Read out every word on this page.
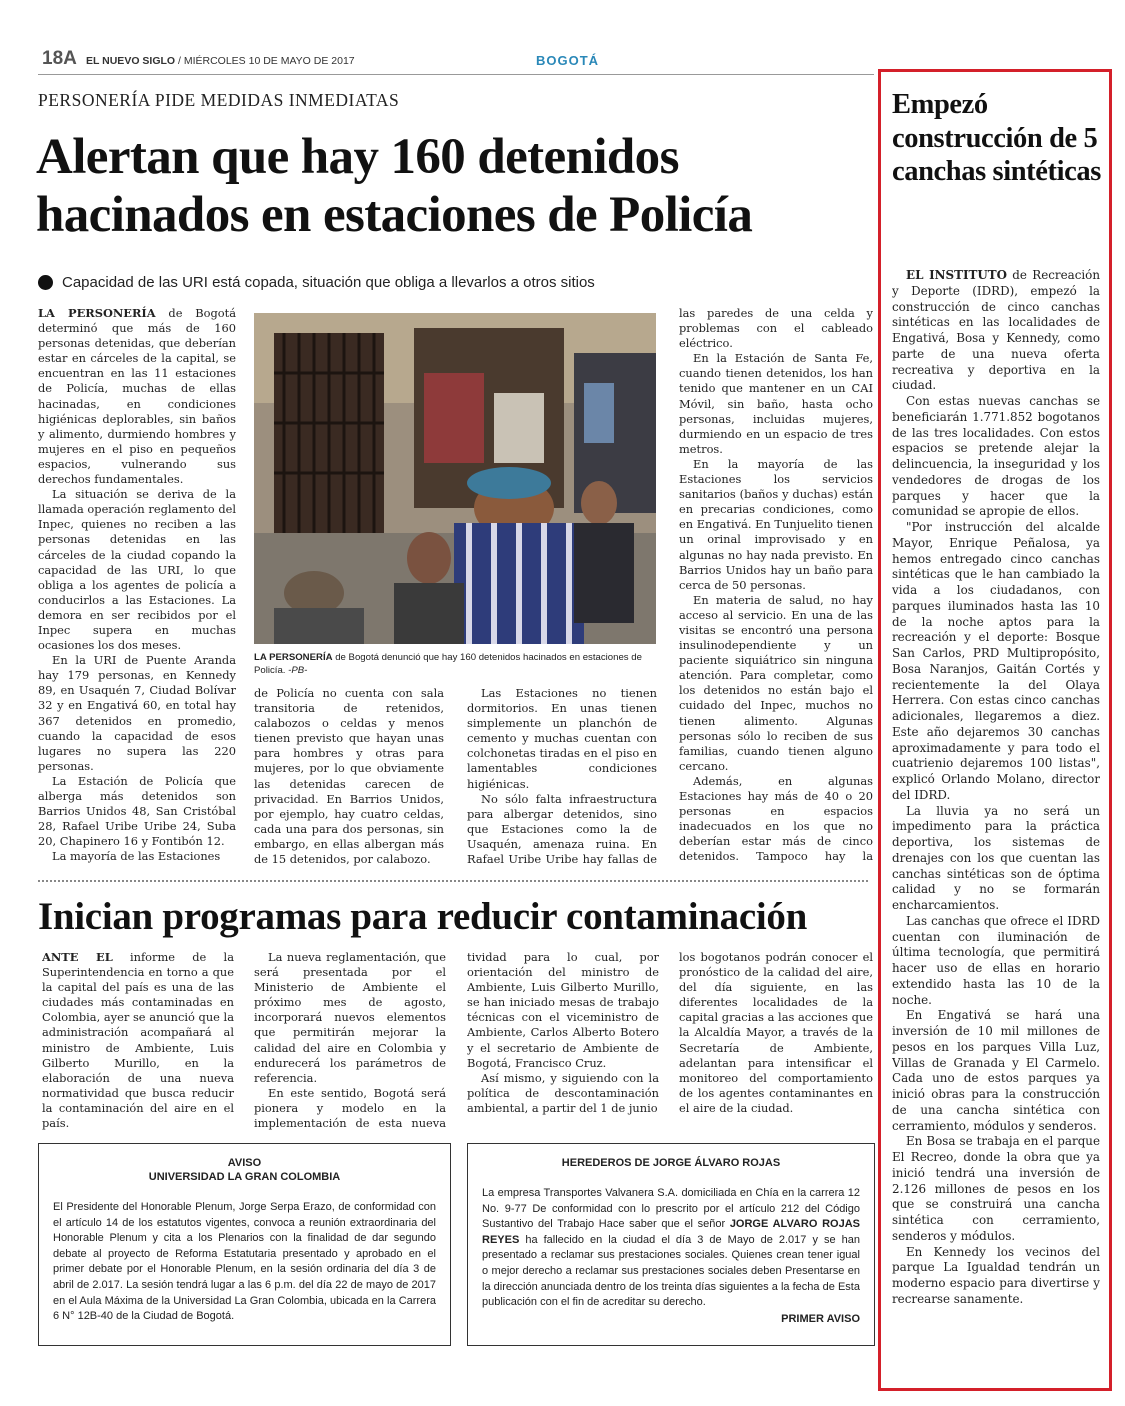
18A EL NUEVO SIGLO / MIÉRCOLES 10 DE MAYO DE 2017	BOGOTÁ
PERSONERÍA PIDE MEDIDAS INMEDIATAS
Alertan que hay 160 detenidos hacinados en estaciones de Policía
Capacidad de las URI está copada, situación que obliga a llevarlos a otros sitios

LA PERSONERÍA de Bogotá determinó que más de 160 personas detenidas, que deberían estar en cárceles de la capital, se encuentran en las 11 estaciones de Policía, muchas de ellas hacinadas, en condiciones higiénicas deplorables, sin baños y alimento, durmiendo hombres y mujeres en el piso en pequeños espacios, vulnerando sus derechos fundamentales.

La situación se deriva de la llamada operación reglamento del Inpec, quienes no reciben a las personas detenidas en las cárceles de la ciudad copando la capacidad de las URI, lo que obliga a los agentes de policía a conducirlos a las Estaciones. La demora en ser recibidos por el Inpec supera en muchas ocasiones los dos meses.

En la URI de Puente Aranda hay 179 personas, en Kennedy 89, en Usaquén 7, Ciudad Bolívar 32 y en Engativá 60, en total hay 367 detenidos en promedio, cuando la capacidad de esos lugares no supera las 220 personas.

La Estación de Policía que alberga más detenidos son Barrios Unidos 48, San Cristóbal 28, Rafael Uribe Uribe 24, Suba 20, Chapinero 16 y Fontibón 12.

La mayoría de las Estaciones

LA PERSONERÍA de Bogotá denunció que hay 160 detenidos hacinados en estaciones de Policía. -PB-

de Policía no cuenta con sala transitoria de retenidos, calabozos o celdas y menos tienen previsto que hayan unas para hombres y otras para mujeres, por lo que obviamente las detenidas carecen de privacidad. En Barrios Unidos, por ejemplo, hay cuatro celdas, cada una para dos personas, sin embargo, en ellas albergan más de 15 detenidos, por calabozo.

Las Estaciones no tienen dormitorios. En unas tienen simplemente un planchón de cemento y muchas cuentan con colchonetas tiradas en el piso en lamentables condiciones higiénicas.

No sólo falta infraestructura para albergar detenidos, sino que Estaciones como la de Usaquén, amenaza ruina. En Rafael Uribe Uribe hay fallas de

las paredes de una celda y problemas con el cableado eléctrico.

En la Estación de Santa Fe, cuando tienen detenidos, los han tenido que mantener en un CAI Móvil, sin baño, hasta ocho personas, incluidas mujeres, durmiendo en un espacio de tres metros.

En la mayoría de las Estaciones los servicios sanitarios (baños y duchas) están en precarias condiciones, como en Engativá. En Tunjuelito tienen un orinal improvisado y en algunas no hay nada previsto. En Barrios Unidos hay un baño para cerca de 50 personas.

En materia de salud, no hay acceso al servicio. En una de las visitas se encontró una persona insulinodependiente y un paciente siquiátrico sin ninguna atención. Para completar, como los detenidos no están bajo el cuidado del Inpec, muchos no tienen alimento. Algunas personas sólo lo reciben de sus familias, cuando tienen alguno cercano.

Además, en algunas Estaciones hay más de 40 o 20 personas en espacios inadecuados en los que no deberían estar más de cinco detenidos. Tampoco hay la

Inician programas para reducir contaminación

ANTE EL informe de la Superintendencia en torno a que la capital del país es una de las ciudades más contaminadas en Colombia, ayer se anunció que la administración acompañará al ministro de Ambiente, Luis Gilberto Murillo, en la elaboración de una nueva normatividad que busca reducir la contaminación del aire en el país.

La nueva reglamentación, que será presentada por el Ministerio de Ambiente el próximo mes de agosto, incorporará nuevos elementos que permitirán mejorar la calidad del aire en Colombia y endurecerá los parámetros de referencia.

En este sentido, Bogotá será pionera y modelo en la implementación de esta nueva

tividad para lo cual, por orientación del ministro de Ambiente, Luis Gilberto Murillo, se han iniciado mesas de trabajo técnicas con el viceministro de Ambiente, Carlos Alberto Botero y el secretario de Ambiente de Bogotá, Francisco Cruz.

Así mismo, y siguiendo con la política de descontaminación ambiental, a partir del 1 de junio

los bogotanos podrán conocer el pronóstico de la calidad del aire, del día siguiente, en las diferentes localidades de la capital gracias a las acciones que la Alcaldía Mayor, a través de la Secretaría de Ambiente, adelantan para intensificar el monitoreo del comportamiento de los agentes contaminantes en el aire de la ciudad.

AVISO
UNIVERSIDAD LA GRAN COLOMBIA
El Presidente del Honorable Plenum, Jorge Serpa Erazo, de conformidad con el artículo 14 de los estatutos vigentes, convoca a reunión extraordinaria del Honorable Plenum y cita a los Plenarios con la finalidad de dar segundo debate al proyecto de Reforma Estatutaria presentado y aprobado en el primer debate por el Honorable Plenum, en la sesión ordinaria del día 3 de abril de 2.017. La sesión tendrá lugar a las 6 p.m. del día 22 de mayo de 2017 en el Aula Máxima de la Universidad La Gran Colombia, ubicada en la Carrera 6 N° 12B-40 de la Ciudad de Bogotá.
HEREDEROS DE JORGE ÁLVARO ROJAS
La empresa Transportes Valvanera S.A. domiciliada en Chía en la carrera 12 No. 9-77 De conformidad con lo prescrito por el artículo 212 del Código Sustantivo del Trabajo Hace saber que el señor JORGE ALVARO ROJAS REYES ha fallecido en la ciudad el día 3 de Mayo de 2.017 y se han presentado a reclamar sus prestaciones sociales. Quienes crean tener igual o mejor derecho a reclamar sus prestaciones sociales deben Presentarse en la dirección anunciada dentro de los treinta días siguientes a la fecha de Esta publicación con el fin de acreditar su derecho.
PRIMER AVISO
Empezó construcción de 5 canchas sintéticas

EL INSTITUTO de Recreación y Deporte (IDRD), empezó la construcción de cinco canchas sintéticas en las localidades de Engativá, Bosa y Kennedy, como parte de una nueva oferta recreativa y deportiva en la ciudad.

Con estas nuevas canchas se beneficiarán 1.771.852 bogotanos de las tres localidades. Con estos espacios se pretende alejar la delincuencia, la inseguridad y los vendedores de drogas de los parques y hacer que la comunidad se apropie de ellos.

"Por instrucción del alcalde Mayor, Enrique Peñalosa, ya hemos entregado cinco canchas sintéticas que le han cambiado la vida a los ciudadanos, con parques iluminados hasta las 10 de la noche aptos para la recreación y el deporte: Bosque San Carlos, PRD Multipropósito, Bosa Naranjos, Gaitán Cortés y recientemente la del Olaya Herrera. Con estas cinco canchas adicionales, llegaremos a diez. Este año dejaremos 30 canchas aproximadamente y para todo el cuatrienio dejaremos 100 listas", explicó Orlando Molano, director del IDRD.

La lluvia ya no será un impedimento para la práctica deportiva, los sistemas de drenajes con los que cuentan las canchas sintéticas son de óptima calidad y no se formarán encharcamientos.

Las canchas que ofrece el IDRD cuentan con iluminación de última tecnología, que permitirá hacer uso de ellas en horario extendido hasta las 10 de la noche.

En Engativá se hará una inversión de 10 mil millones de pesos en los parques Villa Luz, Villas de Granada y El Carmelo. Cada uno de estos parques ya inició obras para la construcción de una cancha sintética con cerramiento, módulos y senderos.

En Bosa se trabaja en el parque El Recreo, donde la obra que ya inició tendrá una inversión de 2.126 millones de pesos en los que se construirá una cancha sintética con cerramiento, senderos y módulos.

En Kennedy los vecinos del parque La Igualdad tendrán un moderno espacio para divertirse y recrearse sanamente.
